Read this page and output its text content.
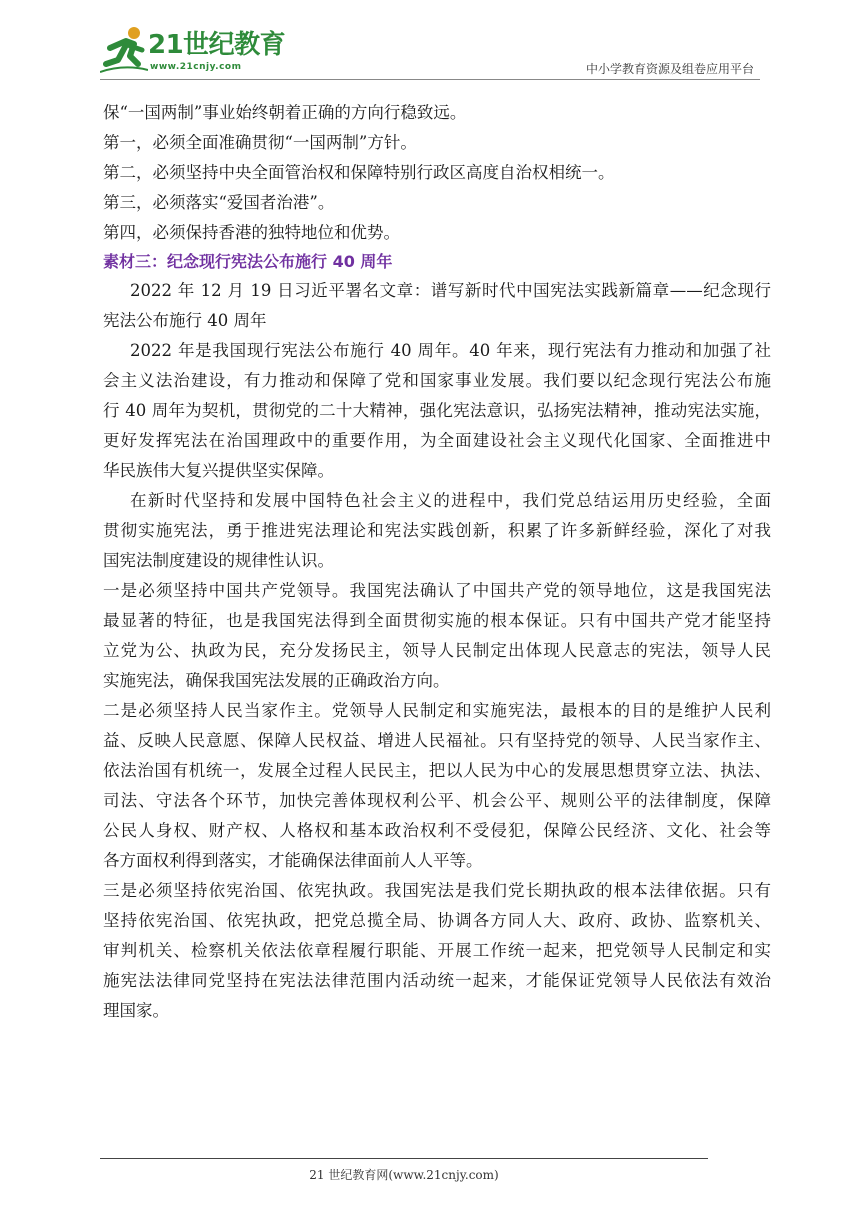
21世纪教育
www.21cnjy.com	中小学教育资源及组卷应用平台
保“一国两制”事业始终朝着正确的方向行稳致远。
第一，必须全面准确贯彻“一国两制”方针。
第二，必须坚持中央全面管治权和保障特别行政区高度自治权相统一。
第三，必须落实“爱国者治港”。
第四，必须保持香港的独特地位和优势。
素材三：纪念现行宪法公布施行 40 周年
2022 年 12 月 19 日习近平署名文章：谱写新时代中国宪法实践新篇章——纪念现行
宪法公布施行 40 周年
2022 年是我国现行宪法公布施行 40 周年。40 年来，现行宪法有力推动和加强了社
会主义法治建设，有力推动和保障了党和国家事业发展。我们要以纪念现行宪法公布施
行 40 周年为契机，贯彻党的二十大精神，强化宪法意识，弘扬宪法精神，推动宪法实施，
更好发挥宪法在治国理政中的重要作用，为全面建设社会主义现代化国家、全面推进中
华民族伟大复兴提供坚实保障。
在新时代坚持和发展中国特色社会主义的进程中，我们党总结运用历史经验，全面
贯彻实施宪法，勇于推进宪法理论和宪法实践创新，积累了许多新鲜经验，深化了对我
国宪法制度建设的规律性认识。
一是必须坚持中国共产党领导。我国宪法确认了中国共产党的领导地位，这是我国宪法
最显著的特征，也是我国宪法得到全面贯彻实施的根本保证。只有中国共产党才能坚持
立党为公、执政为民，充分发扬民主，领导人民制定出体现人民意志的宪法，领导人民
实施宪法，确保我国宪法发展的正确政治方向。
二是必须坚持人民当家作主。党领导人民制定和实施宪法，最根本的目的是维护人民利
益、反映人民意愿、保障人民权益、增进人民福祉。只有坚持党的领导、人民当家作主、
依法治国有机统一，发展全过程人民民主，把以人民为中心的发展思想贯穿立法、执法、
司法、守法各个环节，加快完善体现权利公平、机会公平、规则公平的法律制度，保障
公民人身权、财产权、人格权和基本政治权利不受侵犯，保障公民经济、文化、社会等
各方面权利得到落实，才能确保法律面前人人平等。
三是必须坚持依宪治国、依宪执政。我国宪法是我们党长期执政的根本法律依据。只有
坚持依宪治国、依宪执政，把党总揽全局、协调各方同人大、政府、政协、监察机关、
审判机关、检察机关依法依章程履行职能、开展工作统一起来，把党领导人民制定和实
施宪法法律同党坚持在宪法法律范围内活动统一起来，才能保证党领导人民依法有效治
理国家。
21 世纪教育网(www.21cnjy.com)
